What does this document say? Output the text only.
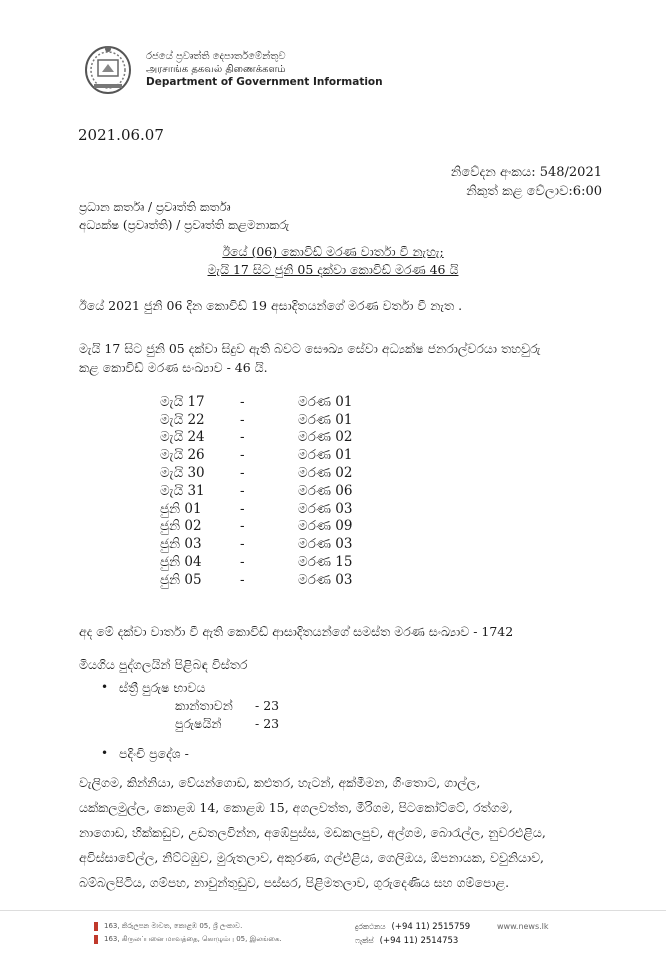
රජයේ ප්‍රවෘත්ති දෙපාර්තමේන්තුව
அரசாங்க தகவல் திணைக்களம்
Department of Government Information
2021.06.07
නිවේදන අංකය: 548/2021
නිකුත් කළ වේලාව:6:00
ප්‍රධාන කර්තෘ / ප්‍රවෘත්ති කර්තෘ
අධ්‍යක්ෂ (ප්‍රවෘත්ති) / ප්‍රවෘත්ති කළමනාකරු
ඊයේ (06) කොවිඩ් මරණ වාර්තා වී නැහැ;
මැයි 17 සිට ජුනි 05 දක්වා කොවිඩ් මරණ 46 යි
ඊයේ 2021 ජුනි 06 දින කොවිඩ් 19 අසාදිතයන්ගේ මරණ වර්තා වී නැත .
මැයි 17 සිට ජුනි 05 දක්වා සිදුව ඇති බවට සෞඛ්‍ය සේවා අධ්‍යක්ෂ ජනරාල්වරයා තහවුරු
කළ කොවිඩ් මරණ සංඛ්‍යාව - 46 යි.
මැයි 17	-	මරණ 01
මැයි 22	-	මරණ 01
මැයි 24	-	මරණ 02
මැයි 26	-	මරණ 01
මැයි 30	-	මරණ 02
මැයි 31	-	මරණ 06
ජුනි 01	-	මරණ 03
ජුනි 02	-	මරණ 09
ජුනි 03	-	මරණ 03
ජුනි 04	-	මරණ 15
ජුනි 05	-	මරණ 03
අද මේ දක්වා වාර්තා වී ඇති කොවිඩ් ආසාදිතයන්ගේ සමස්ත මරණ සංඛ්‍යාව - 1742
මියගිය පුද්ගලයින් පිළිබඳ විස්තර
• ස්ත්‍රී පුරුෂ භාවය
කාන්තාවන්	- 23
පුරුෂයින්	- 23
• පදිංචි ප්‍රදේශ -
වැලිගම, කින්නියා, වේයන්ගොඩ, කළුතර, හැටන්, අක්මීමන, ගිංතොට, ගාල්ල,
යක්කලමුල්ල, කොළඹ 14, කොළඹ 15, අගලවත්ත, මීරිගම, පිටකෝට්ටේ, රත්ගම,
නාගොඩ, හික්කඩුව, උඩතලවින්න, අඹේපුස්ස, මඩකලපුව, අල්ගම, බොරැල්ල, නුවරඑළිය,
අවිස්සාවේල්ල, නිට්ටඹුව, මුරුතලාව, අකුරණ, ගල්එළිය, ගෙලිඔය, ඕපනායක, වවුනියාව,
බම්බලපිටිය, ගම්පහ, නාවුන්තුඩුව, පස්සර, පිළිමතලාව, ගුරුදෙණිය සහ ගම්පොළ.
163, කිරුලපන මාවත, කොළඹ 05, ශ්‍රී ලංකාව.
163, கிருலப்பனை மாவத்தை, கொழும்பு 05, இலங்கை.
දුරකථනය (+94 11) 2515759
ෆැක්ස් (+94 11) 2514753
www.news.lk
